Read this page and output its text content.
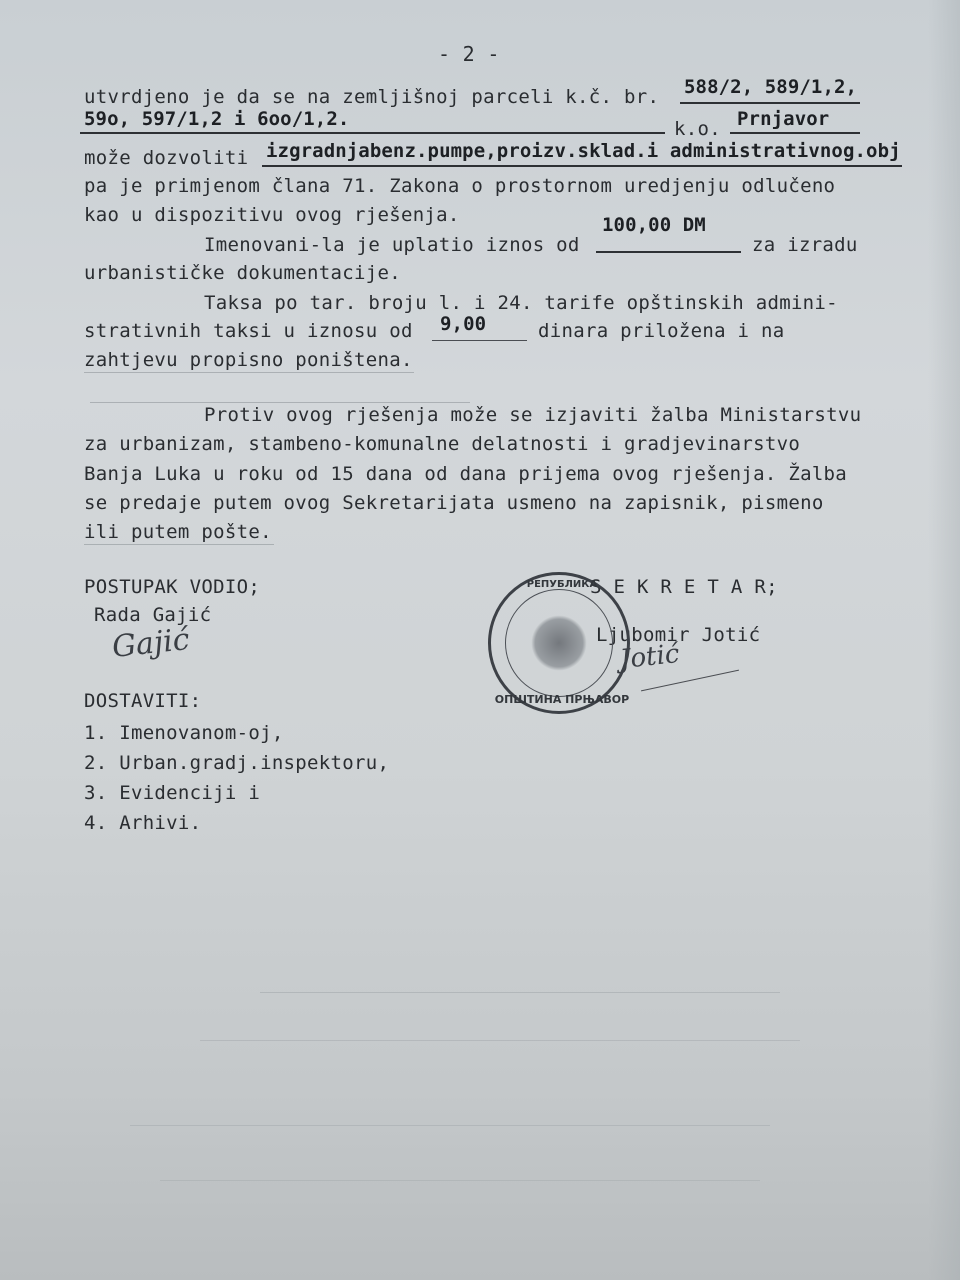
- 2 -
utvrdjeno je da se na zemljišnoj parceli k.č. br. 588/2, 589/1,2,
59o, 597/1,2 i 6oo/1,2.	k.o. Prnjavor
može dozvoliti izgradnjabenz.pumpe,proizv.sklad.i administrativnog.obj
pa je primjenom člana 71. Zakona o prostornom uredjenju odlučeno
kao u dispozitivu ovog rješenja.
Imenovani-la je uplatio iznos od
100,00 DM
za izradu
urbanističke dokumentacije.
Taksa po tar. broju l. i 24. tarife opštinskih admini-
strativnih taksi u iznosu od 9,00	dinara priložena i na
zahtjevu propisno poništena.
Protiv ovog rješenja može se izjaviti žalba Ministarstvu
za urbanizam, stambeno-komunalne delatnosti i gradjevinarstvo
Banja Luka u roku od 15 dana od dana prijema ovog rješenja. Žalba
se predaje putem ovog Sekretarijata usmeno na zapisnik, pismeno
ili putem pošte.
POSTUPAK VODIO;
Rada Gajić
Gajić
S E K R E T A R;
Ljubomir Jotić
Jotić
РЕПУБЛИКА
ОПШТИНА ПРЊАВОР
DOSTAVITI:
1. Imenovanom-oj,
2. Urban.gradj.inspektoru,
3. Evidenciji i
4. Arhivi.
